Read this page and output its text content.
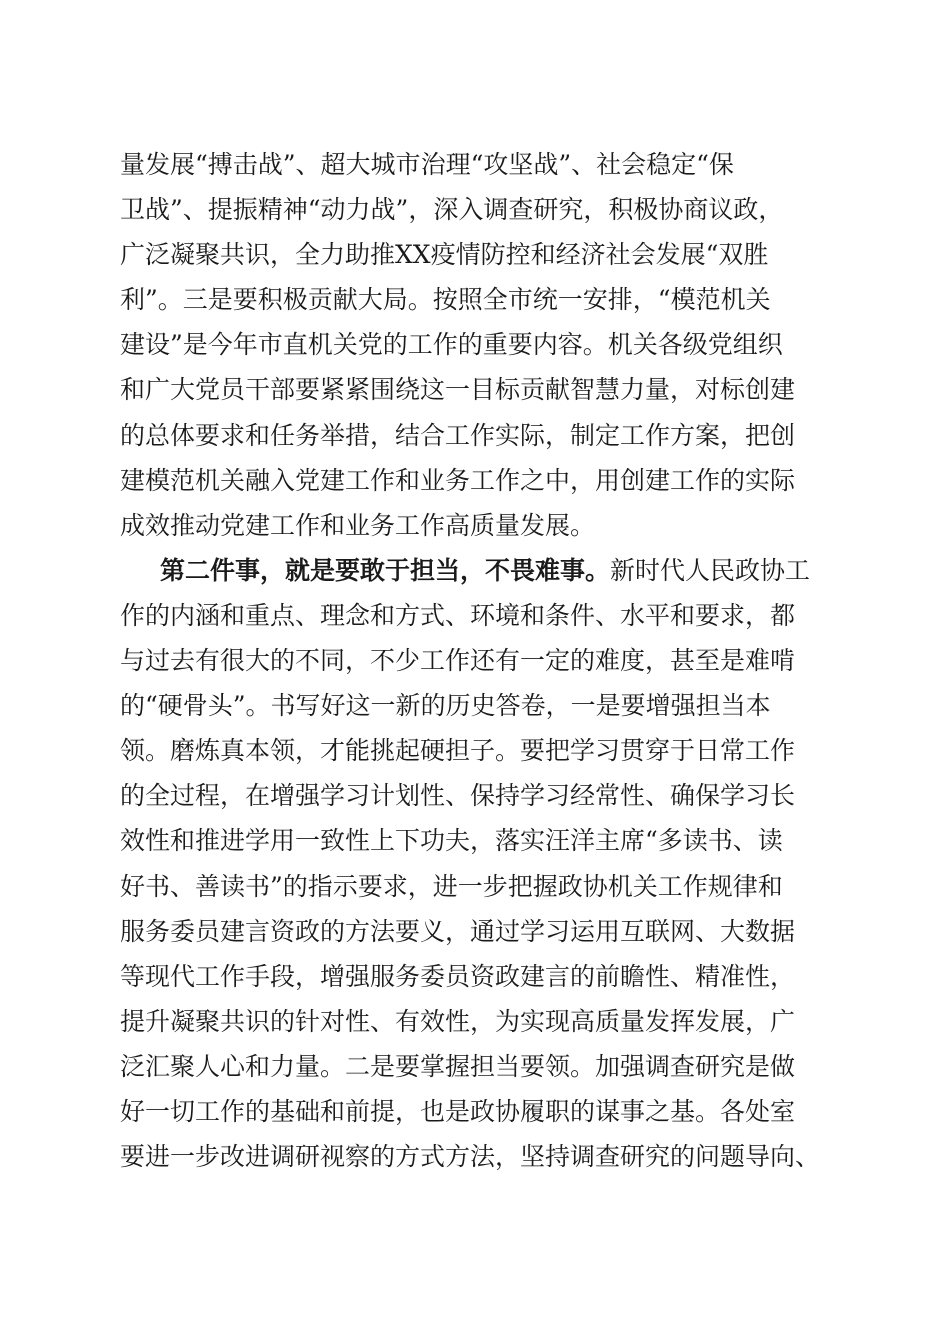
量发展“搏击战”、超大城市治理“攻坚战”、社会稳定“保
卫战”、提振精神“动力战”，深入调查研究，积极协商议政，
广泛凝聚共识，全力助推XX疫情防控和经济社会发展“双胜
利”。三是要积极贡献大局。按照全市统一安排，“模范机关
建设”是今年市直机关党的工作的重要内容。机关各级党组织
和广大党员干部要紧紧围绕这一目标贡献智慧力量，对标创建
的总体要求和任务举措，结合工作实际，制定工作方案，把创
建模范机关融入党建工作和业务工作之中，用创建工作的实际
成效推动党建工作和业务工作高质量发展。
第二件事，就是要敢于担当，不畏难事。新时代人民政协工
作的内涵和重点、理念和方式、环境和条件、水平和要求，都
与过去有很大的不同，不少工作还有一定的难度，甚至是难啃
的“硬骨头”。书写好这一新的历史答卷，一是要增强担当本
领。磨炼真本领，才能挑起硬担子。要把学习贯穿于日常工作
的全过程，在增强学习计划性、保持学习经常性、确保学习长
效性和推进学用一致性上下功夫，落实汪洋主席“多读书、读
好书、善读书”的指示要求，进一步把握政协机关工作规律和
服务委员建言资政的方法要义，通过学习运用互联网、大数据
等现代工作手段，增强服务委员资政建言的前瞻性、精准性，
提升凝聚共识的针对性、有效性，为实现高质量发挥发展，广
泛汇聚人心和力量。二是要掌握担当要领。加强调查研究是做
好一切工作的基础和前提，也是政协履职的谋事之基。各处室
要进一步改进调研视察的方式方法，坚持调查研究的问题导向、
